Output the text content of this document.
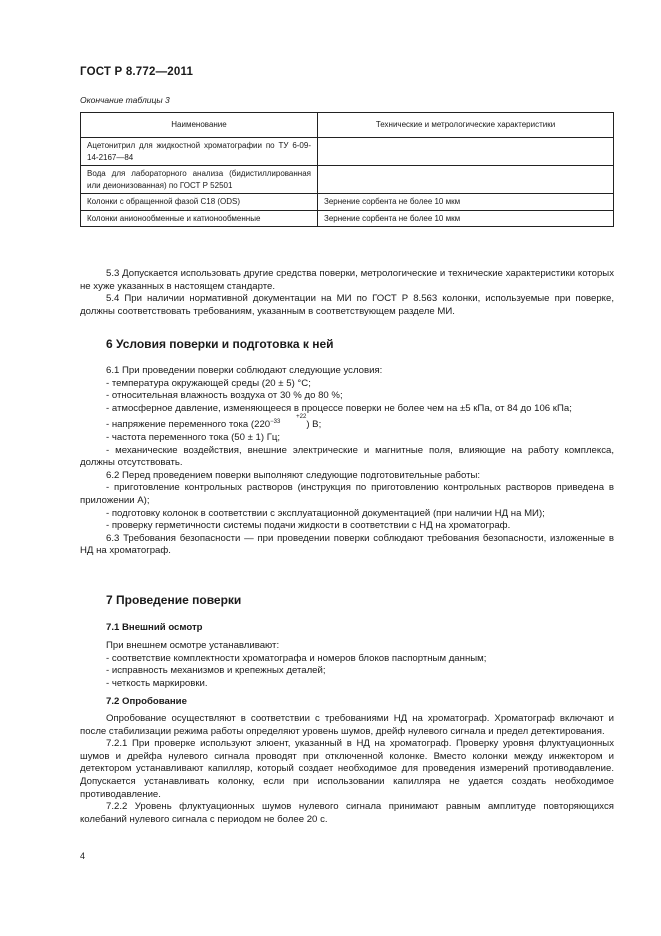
ГОСТ Р 8.772—2011
Окончание таблицы 3
Наименование	Технические и метрологические характеристики
Ацетонитрил для жидкостной хроматографии по ТУ 6-09-14-2167—84	
Вода для лабораторного анализа (бидистиллированная или деионизованная) по ГОСТ Р 52501	
Колонки с обращенной фазой С18 (ODS)	Зернение сорбента не более 10 мкм
Колонки анионообменные и катионообменные	Зернение сорбента не более 10 мкм

5.3 Допускается использовать другие средства поверки, метрологические и технические характеристики которых не хуже указанных в настоящем стандарте.

5.4 При наличии нормативной документации на МИ по ГОСТ Р 8.563 колонки, используемые при поверке, должны соответствовать требованиям, указанным в соответствующем разделе МИ.

6 Условия поверки и подготовка к ней

6.1 При проведении поверки соблюдают следующие условия:

- температура окружающей среды (20 ± 5) °С;

- относительная влажность воздуха от 30 % до 80 %;

- атмосферное давление, изменяющееся в процессе поверки не более чем на ±5 кПа, от 84 до 106 кПа;

- напряжение переменного тока ($220^{+22 -33}$	) В;

- частота переменного тока (50 ± 1) Гц;

- механические воздействия, внешние электрические и магнитные поля, влияющие на работу комплекса, должны отсутствовать.

6.2 Перед проведением поверки выполняют следующие подготовительные работы:

- приготовление контрольных растворов (инструкция по приготовлению контрольных растворов приведена в приложении А);

- подготовку колонок в соответствии с эксплуатационной документацией (при наличии НД на МИ);

- проверку герметичности системы подачи жидкости в соответствии с НД на хроматограф.

6.3 Требования безопасности — при проведении поверки соблюдают требования безопасности, изложенные в НД на хроматограф.

7 Проведение поверки
7.1 Внешний осмотр

При внешнем осмотре устанавливают:

- соответствие комплектности хроматографа и номеров блоков паспортным данным;

- исправность механизмов и крепежных деталей;

- четкость маркировки.

7.2 Опробование

Опробование осуществляют в соответствии с требованиями НД на хроматограф. Хроматограф включают и после стабилизации режима работы определяют уровень шумов, дрейф нулевого сигнала и предел детектирования.

7.2.1 При проверке используют элюент, указанный в НД на хроматограф. Проверку уровня флуктуационных шумов и дрейфа нулевого сигнала проводят при отключенной колонке. Вместо колонки между инжектором и детектором устанавливают капилляр, который создает необходимое для проведения измерений противодавление. Допускается устанавливать колонку, если при использовании капилляра не удается создать необходимое противодавление.

7.2.2 Уровень флуктуационных шумов нулевого сигнала принимают равным амплитуде повторяющихся колебаний нулевого сигнала с периодом не более 20 с.

4
